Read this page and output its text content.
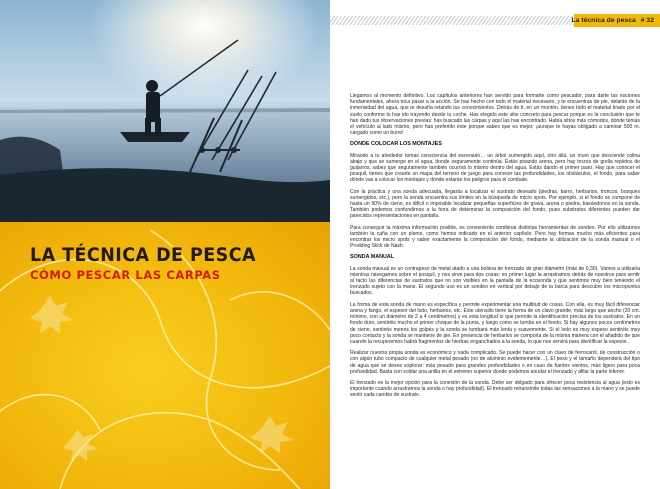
LA TÉCNICA DE PESCA
CÓMO PESCAR LAS CARPAS
La técnica de pesca # 32

Llegamos al momento definitivo. Los capítulos anteriores han servido para formarte como pescador, para darte las nociones fundamentales, ahora toca pasar a la acción. Se has hecho con todo el material necesario, y te encuentras de pie, delante de la inmensidad del agua, que te desafía retando tus conocimientos. Detrás de ti, en un montón, tienes todo el material tirado por el suelo conforme lo has ido trayendo desde tu coche. Has elegido este sitio concreto para pescar porque es la conclusión que te han dado tus observaciones previas: has buscado las carpas y aquí las has encontrado. Había sitios más cómodos, donde tenías el vehículo al lado mismo, pero has preferido éste porque sabes que es mejor, ¡aunque te hayas obligado a caminar 500 m. cargado como un burro!

DÓNDE COLOCAR LOS MONTAJES

Mirando a tu alrededor tomas consciencia del escenario… un árbol sumergido aquí, otro allá, un muro que desciende colina abajo y que se sumerge en el agua, donde seguramente continúa. Estás pisando arena, pero hay trozos de grella repletos de guijarros, sabes que seguramente también ocurrirá lo mismo dentro del agua. Estás dando el primer paso. Hay que conocer el posquil, tienes que crearte un mapa del terreno de juego para conocer las profundidades, los obstáculos, el fondo, para saber dónde vas a colocar los montajes y dónde estarán los peligros para el combate.

Con la práctica y una sonda adecuada, llegarás a localizar el sustrato deseado (piedras, barro, herbarios, troncos, bosques sumergidos, etc.), pero la sonda encuentra sus límites en la búsqueda de micro spots. Por ejemplo, si el fondo se compone de hasta un 90% de cieno, es difícil o imposible localizar pequeñas superficies de grava, arena o piedra, basándonos en la sonda. También podemos confundirnos a la hora de determinar la composición del fondo, pues substratos diferentes pueden dar parecidos representaciones en pantalla.

Para conseguir la máxima información posible, es conveniente combinar distintas herramientas de sondeo. Por ello utilizamos también la caña con un plomo, como hemos indicado en el anterior capítulo. Pero hay formas mucho más eficientes para encontrar los micro spots y saber exactamente la composición del fondo, mediante la utilización de la sonda manual o el Prodding Stick de Nash.

SONDA MANUAL

La sonda manual es un contrapeso de metal atado a una bobina de trenzado de gran diámetro (más de 0,30). Vamos a utilizarla mientras navegamos sobre el posquil, y nos sirve para dos cosas: en primer lugar la arrastramos detrás de nosotros para sentir al tacto las diferencias de sustratos que no son visibles en la pantalla de la ecosonda y que sentimos muy bien teniendo el trenzado sujeto con la mano. El segundo uso es un sondeo en vertical por debajo de la barca para descubrir los micropuntos buscados.

La forma de esta sonda de mano es específica y permite experimentar una multitud de cosas. Con ella, es muy fácil diferenciar arena y fango, el espesor del lodo, herbarios, etc. Este utensilio tiene la forma de un clavo grande, más largo que ancho (20 cm. mínimo, con un diámetro de 2 a 4 centímetros) y es esta longitud lo que permite la identificación precisa de los sustratos. En un fondo duro, sentiréis mucho el primer choque de la punta, y luego como se tumba en el fondo. Si hay algunos pocos centímetros de cieno, sentiréis menos los golpes y la sonda se tumbará más lenta y suavemente. Si el lodo es muy espeso sentiréis muy poco contacto y la sonda se mantiene de pie. En presencia de herbarios se comporta de la misma manera con el añadido de que cuando la recuperemos habrá fragmentos de hierbas enganchados a la sonda, lo que nos servirá para identificar la especie.

Realizar nuestra propia sonda es económico y nada complicado. Se puede hacer con un clavo de ferrocarril, de construcción o con algún tubo compacto de cualquier metal pesado (no de aluminio evidentemente…). El peso y el tamaño dependerá del tipo de agua que se desee explorar: más pesado para grandes profundidades o en caso de fuertes vientos, más ligero para poca profundidad. Basta con soldar una anilla en el extremo superior donde podemos anudar el trenzado y afilar la parte inferior.

El trenzado es la mejor opción para la conexión de la sonda. Debe ser delgado para ofrecer poca resistencia al agua (esto es importante cuando arrastramos la sonda o hay profundidad). El trenzado retransmite todas las sensaciones a la mano y se puede sentir cada cambio de sustrato.
